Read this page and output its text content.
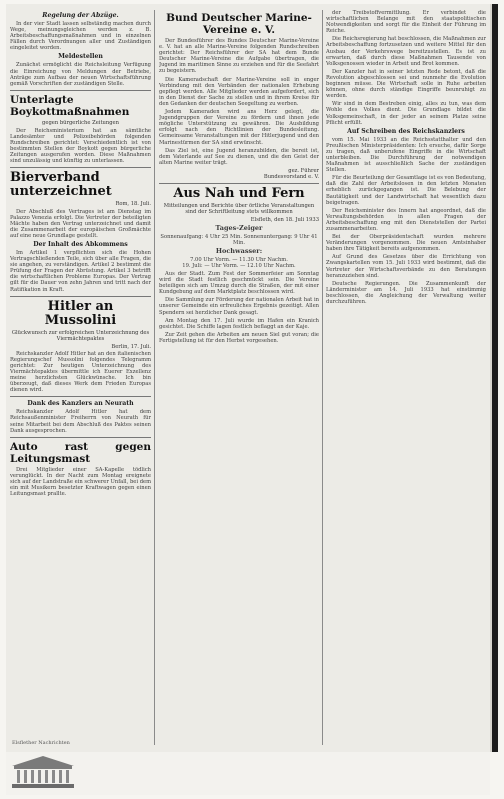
Regelung der Abzüge.
In der vier Stadt lassen selbständig machen durch Wege, meinungsgleichen werden z. B. Arbeitsbeschaffungsmaßnahmen und in einzelnen Fällen durch Verordnungen aller und Zuständigen eingeleitet worden.
Meldestellen
Zunächst ermöglicht die Reichsleitung Verfügung die Einreichung von Meldungen der Betriebe, Anträge zum Aufbau der neuen Wirtschaftsführung gemäß Vorschriften der zuständigen Stelle.
Unterlagte Boykottmaßnahmen
gegen bürgerliche Zeitungen
Der Reichsministerium hat an sämtliche Landesämter und Polizeibehörden folgenden Rundschreiben gerichtet: Verschiedentlich ist von bestimmten Stellen der Boykott gegen bürgerliche Zeitungen ausgerufen worden. Diese Maßnahmen sind unzulässig und künftig zu unterlassen.
Bierverband unterzeichnet
Rom, 18. Juli.
Der Abschluß des Vertrages ist am Dienstag im Palazzo Venezia erfolgt. Die Vertreter der beteiligten Mächte haben den Vertrag unterzeichnet und damit die Zusammenarbeit der europäischen Großmächte auf eine neue Grundlage gestellt.
Der Inhalt des Abkommens
Im Artikel 1 verpflichten sich die Hohen Vertragschließenden Teile, sich über alle Fragen, die sie angehen, zu verständigen. Artikel 2 bestimmt die Prüfung der Fragen der Abrüstung. Artikel 3 betrifft die wirtschaftlichen Probleme Europas. Der Vertrag gilt für die Dauer von zehn Jahren und tritt nach der Ratifikation in Kraft.
Hitler an Mussolini
Glückwunsch zur erfolgreichen Unterzeichnung des Viermächtepaktes
Berlin, 17. Juli.
Reichskanzler Adolf Hitler hat an den italienischen Regierungschef Mussolini folgendes Telegramm gerichtet: Zur heutigen Unterzeichnung des Viermächtepaktes übermittle ich Euerer Exzellenz meine herzlichsten Glückwünsche. Ich bin überzeugt, daß dieses Werk dem Frieden Europas dienen wird.
Dank des Kanzlers an Neurath
Reichskanzler Adolf Hitler hat dem Reichsaußenminister Freiherrn von Neurath für seine Mitarbeit bei dem Abschluß des Paktes seinen Dank ausgesprochen.
Auto rast gegen Leitungsmast
Drei Mitglieder einer SA-Kapelle tödlich verunglückt. In der Nacht zum Montag ereignete sich auf der Landstraße ein schwerer Unfall, bei dem ein mit Musikern besetzter Kraftwagen gegen einen Leitungsmast prallte.
Bund Deutscher Marine-Vereine e. V.
Der Bundesführer des Bundes Deutscher Marine-Vereine e. V. hat an alle Marine-Vereine folgenden Rundschreiben gerichtet: Der Reichsführer der SA hat dem Bunde Deutscher Marine-Vereine die Aufgabe übertragen, die Jugend im maritimen Sinne zu erziehen und für die Seefahrt zu begeistern.
Die Kameradschaft der Marine-Vereine soll in enger Verbindung mit den Verbänden der nationalen Erhebung gepflegt werden. Alle Mitglieder werden aufgefordert, sich in den Dienst der Sache zu stellen und in ihrem Kreise für den Gedanken der deutschen Seegeltung zu werben.
Jedem Kameraden wird ans Herz gelegt, die Jugendgruppen der Vereine zu fördern und ihnen jede mögliche Unterstützung zu gewähren. Die Ausbildung erfolgt nach den Richtlinien der Bundesleitung. Gemeinsame Veranstaltungen mit der Hitlerjugend und den Marinestürmen der SA sind erwünscht.
Das Ziel ist, eine Jugend heranzubilden, die bereit ist, dem Vaterlande auf See zu dienen, und die den Geist der alten Marine weiter trägt.
gez. Führer
Bundesvorstand e. V.
Aus Nah und Fern
Mitteilungen und Berichte über örtliche Veranstaltungen sind der Schriftleitung stets willkommen
Elsfleth, den 18. Juli 1933
Tages-Zeiger
Sonnenaufgang: 4 Uhr 25 Min. Sonnenuntergang: 9 Uhr 41 Min.
Hochwasser:
7.00 Uhr Vorm. — 11.30 Uhr Nachm.
19. Juli: — Uhr Vorm. — 12.10 Uhr Nachm.
Aus der Stadt. Zum Fest der Sommerfeier am Sonntag wird die Stadt festlich geschmückt sein. Die Vereine beteiligen sich am Umzug durch die Straßen, der mit einer Kundgebung auf dem Marktplatz beschlossen wird.
Die Sammlung zur Förderung der nationalen Arbeit hat in unserer Gemeinde ein erfreuliches Ergebnis gezeitigt. Allen Spendern sei herzlicher Dank gesagt.
Am Montag den 17. Juli wurde im Hafen ein Kranich gesichtet. Die Schiffe lagen festlich beflaggt an der Kaje.
Zur Zeit gehen die Arbeiten am neuen Siel gut voran; die Fertigstellung ist für den Herbst vorgesehen.
der Treibstoffvermittlung. Er verbindet die wirtschaftlichen Belange mit den staatspolitischen Notwendigkeiten und sorgt für die Einheit der Führung im Reiche.
Die Reichsregierung hat beschlossen, die Maßnahmen zur Arbeitsbeschaffung fortzusetzen und weitere Mittel für den Ausbau der Verkehrswege bereitzustellen. Es ist zu erwarten, daß durch diese Maßnahmen Tausende von Volksgenossen wieder in Arbeit und Brot kommen.
Der Kanzler hat in seiner letzten Rede betont, daß die Revolution abgeschlossen sei und nunmehr die Evolution beginnen müsse. Die Wirtschaft solle in Ruhe arbeiten können, ohne durch ständige Eingriffe beunruhigt zu werden.
Wir sind in dem Bestreben einig, alles zu tun, was dem Wohle des Volkes dient. Die Grundlage bildet die Volksgemeinschaft, in der jeder an seinem Platze seine Pflicht erfüllt.
Auf Schreiben des Reichskanzlers
vom 15. Mai 1933 an die Reichsstatthalter und den Preußischen Ministerpräsidenten: Ich ersuche, dafür Sorge zu tragen, daß unberufene Eingriffe in die Wirtschaft unterbleiben. Die Durchführung der notwendigen Maßnahmen ist ausschließlich Sache der zuständigen Stellen.
Für die Beurteilung der Gesamtlage ist es von Bedeutung, daß die Zahl der Arbeitslosen in den letzten Monaten erheblich zurückgegangen ist. Die Belebung der Bautätigkeit und der Landwirtschaft hat wesentlich dazu beigetragen.
Der Reichsminister des Innern hat angeordnet, daß die Verwaltungsbehörden in allen Fragen der Arbeitsbeschaffung eng mit den Dienststellen der Partei zusammenarbeiten.
Bei der Oberpräsidentschaft wurden mehrere Veränderungen vorgenommen. Die neuen Amtsinhaber haben ihre Tätigkeit bereits aufgenommen.
Auf Grund des Gesetzes über die Errichtung von Zwangskartellen vom 15. Juli 1933 wird bestimmt, daß die Vertreter der Wirtschaftsverbände zu den Beratungen heranzuziehen sind.
Deutsche Regierungen. Die Zusammenkunft der Länderminister am 14. Juli 1933 hat einstimmig beschlossen, die Angleichung der Verwaltung weiter durchzuführen.
Elsflether Nachrichten
